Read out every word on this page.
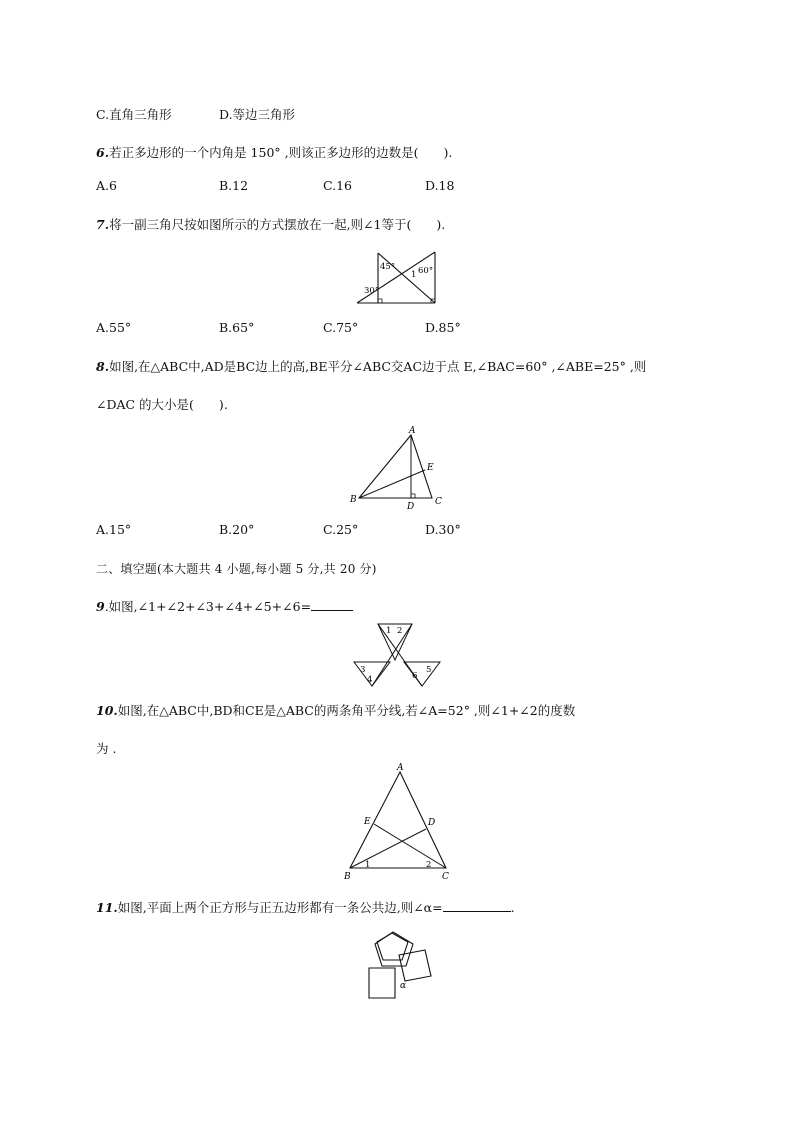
C.直角三角形	D.等边三角形
6.若正多边形的一个内角是 150° ,则该正多边形的边数是(　　).
A.6	B.12	C.16	D.18
7.将一副三角尺按如图所示的方式摆放在一起,则∠1等于(　　).
45°	60°
30°
1
A.55°	B.65°	C.75°	D.85°
8.如图,在△ABC中,AD是BC边上的高,BE平分∠ABC交AC边于点 E,∠BAC=60° ,∠ABE=25° ,则
∠DAC 的大小是(　　).
A
B	C
D
E
A.15°	B.20°	C.25°	D.30°
二、填空题(本大题共 4 小题,每小题 5 分,共 20 分)
9.如图,∠1+∠2+∠3+∠4+∠5+∠6=
1 2
3
4
5
6
10.如图,在△ABC中,BD和CE是△ABC的两条角平分线,若∠A=52° ,则∠1+∠2的度数
为 .
A
B	C
D
E
1	2
11.如图,平面上两个正方形与正五边形都有一条公共边,则∠α=	.
α
